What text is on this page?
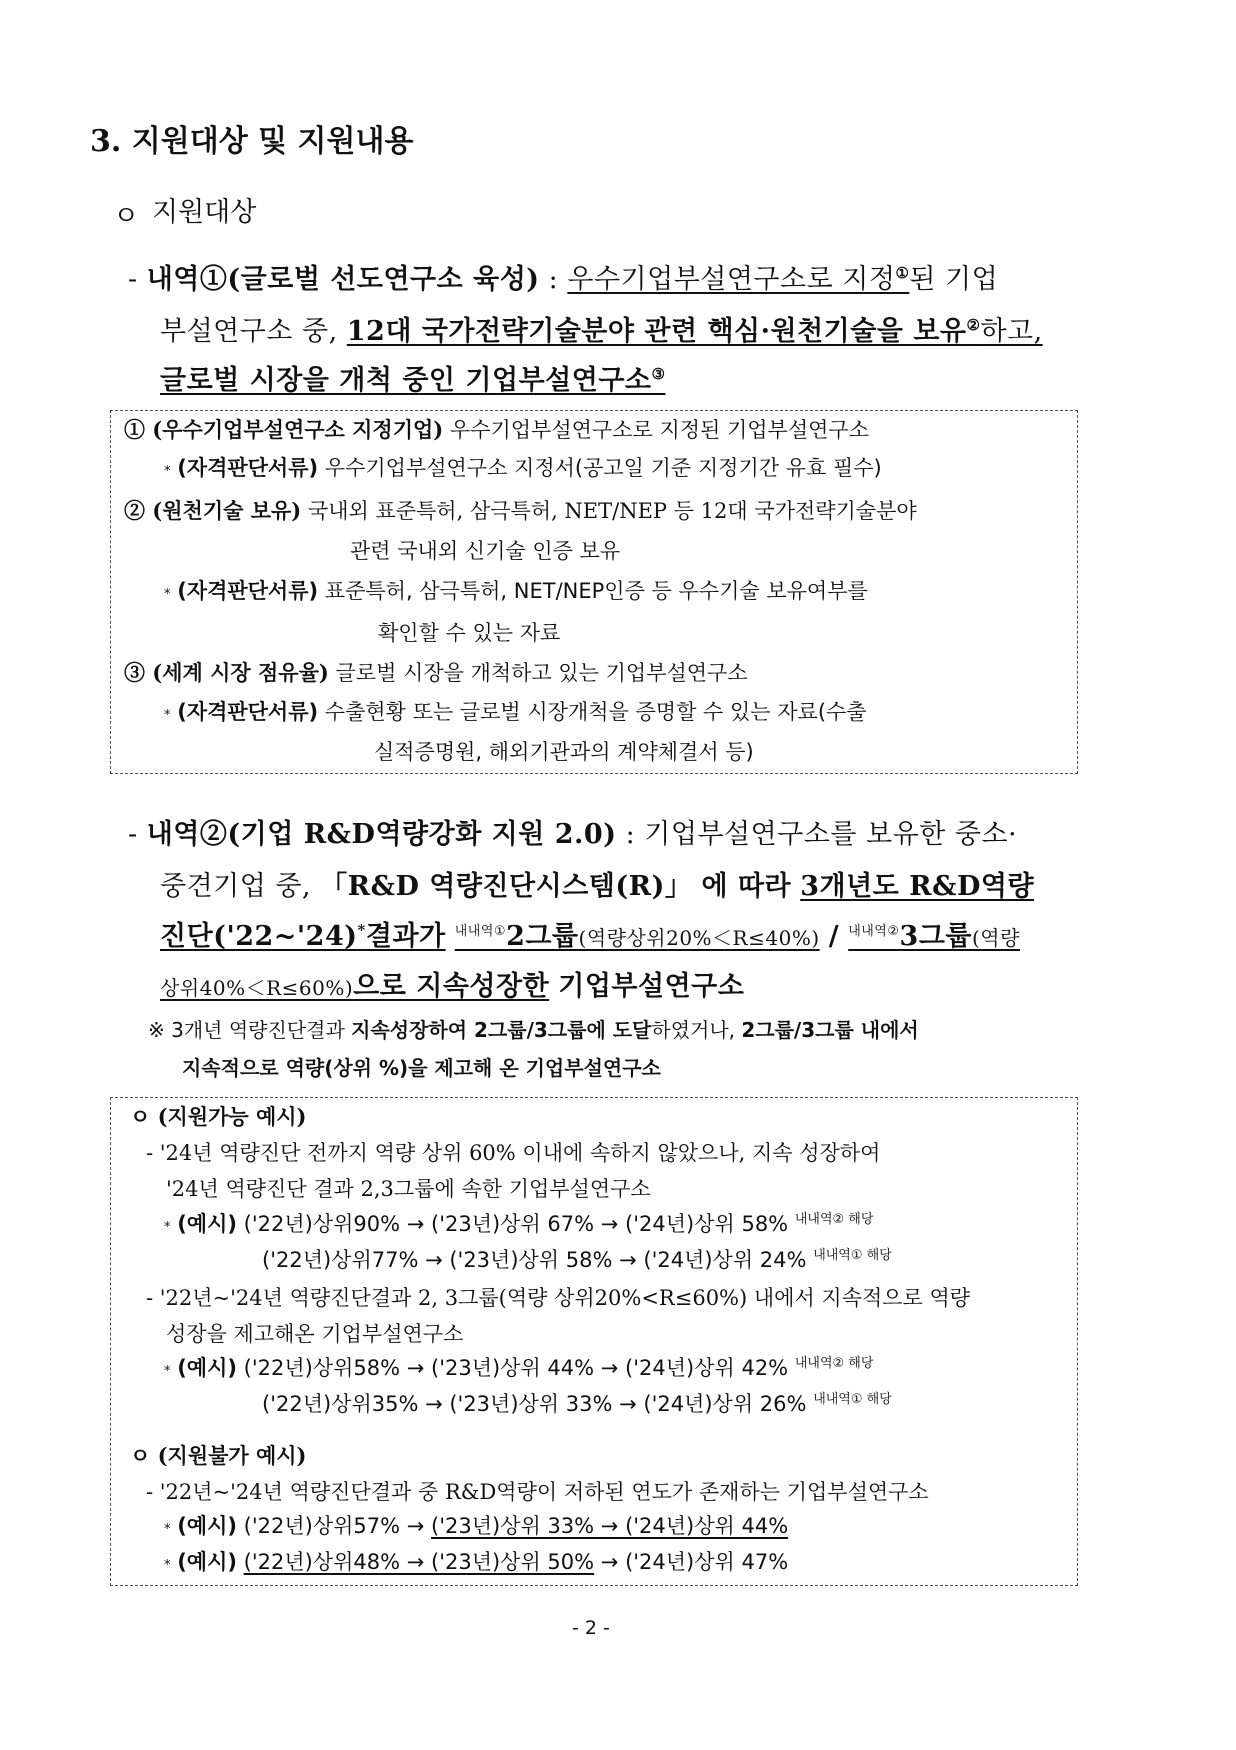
3. 지원대상 및 지원내용
ㅇ 지원대상
- 내역①(글로벌 선도연구소 육성) : 우수기업부설연구소로 지정①된 기업
부설연구소 중, 12대 국가전략기술분야 관련 핵심·원천기술을 보유②하고,
글로벌 시장을 개척 중인 기업부설연구소③
① (우수기업부설연구소 지정기업) 우수기업부설연구소로 지정된 기업부설연구소
* (자격판단서류) 우수기업부설연구소 지정서(공고일 기준 지정기간 유효 필수)
② (원천기술 보유) 국내외 표준특허, 삼극특허, NET/NEP 등 12대 국가전략기술분야
관련 국내외 신기술 인증 보유
* (자격판단서류) 표준특허, 삼극특허, NET/NEP인증 등 우수기술 보유여부를
확인할 수 있는 자료
③ (세계 시장 점유율) 글로벌 시장을 개척하고 있는 기업부설연구소
* (자격판단서류) 수출현황 또는 글로벌 시장개척을 증명할 수 있는 자료(수출
실적증명원, 해외기관과의 계약체결서 등)
- 내역②(기업 R&D역량강화 지원 2.0) : 기업부설연구소를 보유한 중소·
중견기업 중, 「R&D 역량진단시스템(R)」 에 따라 3개년도 R&D역량
진단('22~'24)*결과가 $^{내내역①}$2그룹(역량상위20%＜R≤40%) / $^{내내역②}$3그룹(역량
상위40%＜R≤60%)으로 지속성장한 기업부설연구소
※ 3개년 역량진단결과 지속성장하여 2그룹/3그룹에 도달하였거나, 2그룹/3그룹 내에서
지속적으로 역량(상위 %)을 제고해 온 기업부설연구소
ㅇ (지원가능 예시)
- '24년 역량진단 전까지 역량 상위 60% 이내에 속하지 않았으나, 지속 성장하여
'24년 역량진단 결과 2,3그룹에 속한 기업부설연구소
* (예시) ('22년)상위90% → ('23년)상위 67% → ('24년)상위 58% $^{내내역② 해당}$
('22년)상위77% → ('23년)상위 58% → ('24년)상위 24% $^{내내역① 해당}$
- '22년~'24년 역량진단결과 2, 3그룹(역량 상위20%<R≤60%) 내에서 지속적으로 역량
성장을 제고해온 기업부설연구소
* (예시) ('22년)상위58% → ('23년)상위 44% → ('24년)상위 42% $^{내내역② 해당}$
('22년)상위35% → ('23년)상위 33% → ('24년)상위 26% $^{내내역① 해당}$
ㅇ (지원불가 예시)
- '22년~'24년 역량진단결과 중 R&D역량이 저하된 연도가 존재하는 기업부설연구소
* (예시) ('22년)상위57% → ('23년)상위 33% → ('24년)상위 44%
* (예시) ('22년)상위48% → ('23년)상위 50% → ('24년)상위 47%
- 2 -
